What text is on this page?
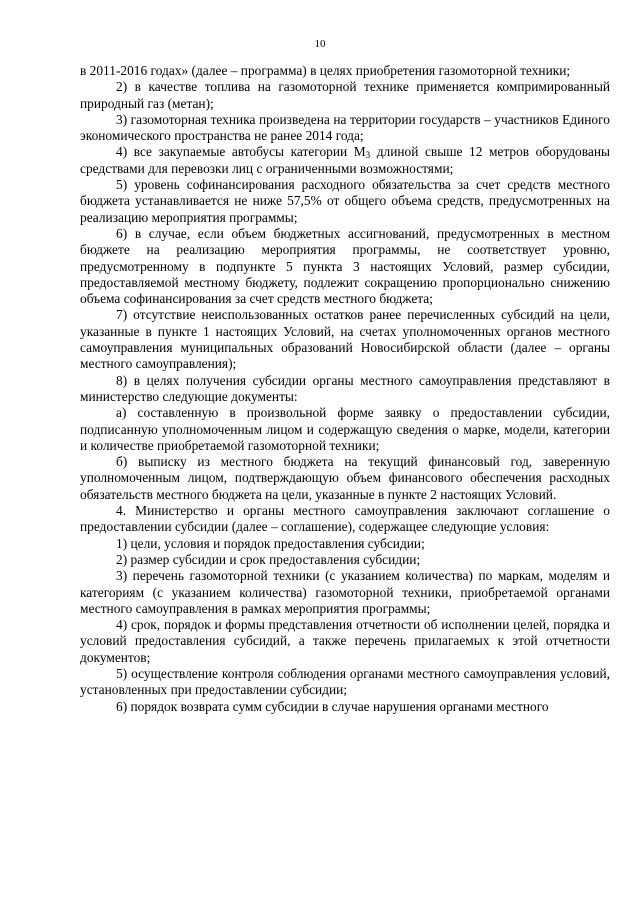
10

в 2011-2016 годах» (далее – программа) в целях приобретения газомоторной техники;

2) в качестве топлива на газомоторной технике применяется компримированный природный газ (метан);

3) газомоторная техника произведена на территории государств – участников Единого экономического пространства не ранее 2014 года;

4) все закупаемые автобусы категории $М_3$ длиной свыше 12 метров оборудованы средствами для перевозки лиц с ограниченными возможностями;

5) уровень софинансирования расходного обязательства за счет средств местного бюджета устанавливается не ниже 57,5% от общего объема средств, предусмотренных на реализацию мероприятия программы;

6) в случае, если объем бюджетных ассигнований, предусмотренных в местном бюджете на реализацию мероприятия программы, не соответствует уровню, предусмотренному в подпункте 5 пункта 3 настоящих Условий, размер субсидии, предоставляемой местному бюджету, подлежит сокращению пропорционально снижению объема софинансирования за счет средств местного бюджета;

7) отсутствие неиспользованных остатков ранее перечисленных субсидий на цели, указанные в пункте 1 настоящих Условий, на счетах уполномоченных органов местного самоуправления муниципальных образований Новосибирской области (далее – органы местного самоуправления);

8) в целях получения субсидии органы местного самоуправления представляют в министерство следующие документы:

а) составленную в произвольной форме заявку о предоставлении субсидии, подписанную уполномоченным лицом и содержащую сведения о марке, модели, категории и количестве приобретаемой газомоторной техники;

б) выписку из местного бюджета на текущий финансовый год, заверенную уполномоченным лицом, подтверждающую объем финансового обеспечения расходных обязательств местного бюджета на цели, указанные в пункте 2 настоящих Условий.

4. Министерство и органы местного самоуправления заключают соглашение о предоставлении субсидии (далее – соглашение), содержащее следующие условия:

1) цели, условия и порядок предоставления субсидии;

2) размер субсидии и срок предоставления субсидии;

3) перечень газомоторной техники (с указанием количества) по маркам, моделям и категориям (с указанием количества) газомоторной техники, приобретаемой органами местного самоуправления в рамках мероприятия программы;

4) срок, порядок и формы представления отчетности об исполнении целей, порядка и условий предоставления субсидий, а также перечень прилагаемых к этой отчетности документов;

5) осуществление контроля соблюдения органами местного самоуправления условий, установленных при предоставлении субсидии;

6) порядок возврата сумм субсидии в случае нарушения органами местного
